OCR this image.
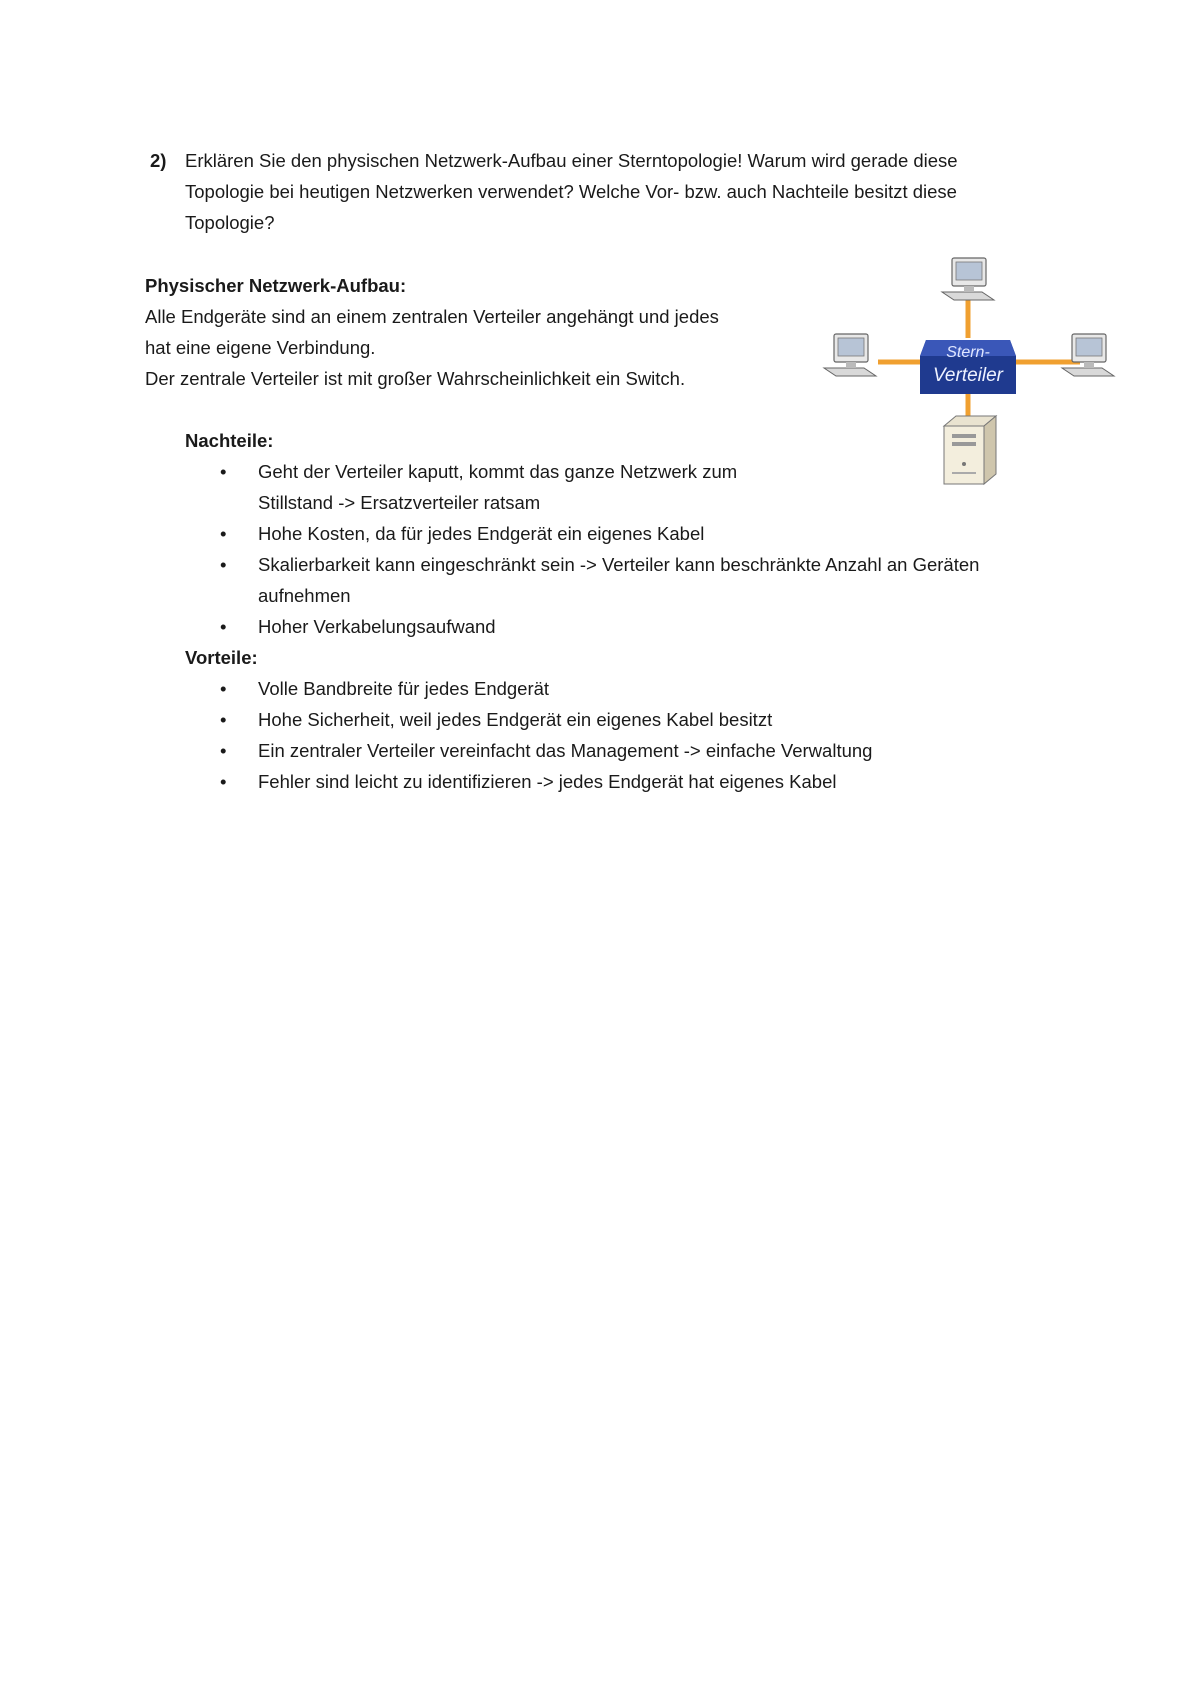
2) Erklären Sie den physischen Netzwerk-Aufbau einer Sterntopologie! Warum wird gerade diese
Topologie bei heutigen Netzwerken verwendet? Welche Vor- bzw. auch Nachteile besitzt diese
Topologie?
Physischer Netzwerk-Aufbau:
Alle Endgeräte sind an einem zentralen Verteiler angehängt und jedes
hat eine eigene Verbindung.
Der zentrale Verteiler ist mit großer Wahrscheinlichkeit ein Switch.
Stern-
Verteiler
Nachteile:
• Geht der Verteiler kaputt, kommt das ganze Netzwerk zum
Stillstand -> Ersatzverteiler ratsam
• Hohe Kosten, da für jedes Endgerät ein eigenes Kabel
• Skalierbarkeit kann eingeschränkt sein -> Verteiler kann beschränkte Anzahl an Geräten
aufnehmen
• Hoher Verkabelungsaufwand
Vorteile:
• Volle Bandbreite für jedes Endgerät
• Hohe Sicherheit, weil jedes Endgerät ein eigenes Kabel besitzt
• Ein zentraler Verteiler vereinfacht das Management -> einfache Verwaltung
• Fehler sind leicht zu identifizieren -> jedes Endgerät hat eigenes Kabel
